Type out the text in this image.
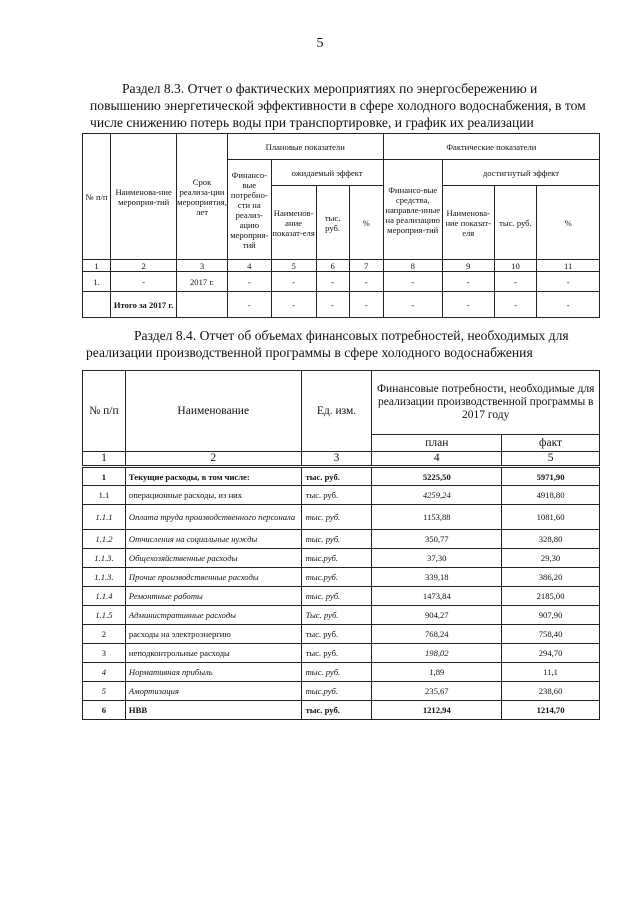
5
Раздел 8.3. Отчет о фактических мероприятиях по энергосбережению и повышению энергетической эффективности в сфере холодного водоснабжения, в том числе снижению потерь воды при транспортировке, и график их реализации
№ п/п	Наименова-ние мероприя-тий	Срок реализа-ции мероприятия, лет	Плановые показатели				Фактические показатели			
			Финансо-вые потребно-сти на реализ-ацию мероприя-тий	ожидаемый эффект			Финансо-вые средства, направле-нные на реализацию мероприя-тий	достигнутый эффект		
				Наименов-ание показат-еля	тыс. руб.	%		Наименова-ние показат-еля	тыс. руб.	%
1	2	3	4	5	6	7	8	9	10	11
1.	-	2017 г.	-	-	-	-	-	-	-	-
	Итого за 2017 г.		-	-	-	-	-	-	-	-
Раздел 8.4. Отчет об объемах финансовых потребностей, необходимых для реализации производственной программы в сфере холодного водоснабжения
№ п/п	Наименование	Ед. изм.	Финансовые потребности, необходимые для реализации производственной программы в 2017 году	
			план	факт
1	2	3	4	5
1	Текущие расходы, в том числе:	тыс. руб.	5225,50	5971,90
1.1	операционные расходы, из них	тыс. руб.	4259,24	4918,80
1.1.1	Оплата труда производственного персонала	тыс. руб.	1153,88	1081,60
1.1.2	Отчисления на социальные нужды	тыс. руб.	350,77	328,80
1.1.3.	Общехозяйственные расходы	тыс.руб.	37,30	29,30
1.1.3.	Прочие производственные расходы	тыс.руб.	339,18	386,20
1.1.4	Ремонтные работы	тыс. руб.	1473,84	2185,00
1.1.5	Административные расходы	Тыс. руб.	904,27	907,90
2	расходы на электроэнергию	тыс. руб.	768,24	758,40
3	неподконтрольные расходы	тыс. руб.	198,02	294,70
4	Нормативная прибыль	тыс. руб.	1,89	11,1
5	Амортизация	тыс.руб.	235,67	238,60
6	НВВ	тыс. руб.	1212,94	1214,70
